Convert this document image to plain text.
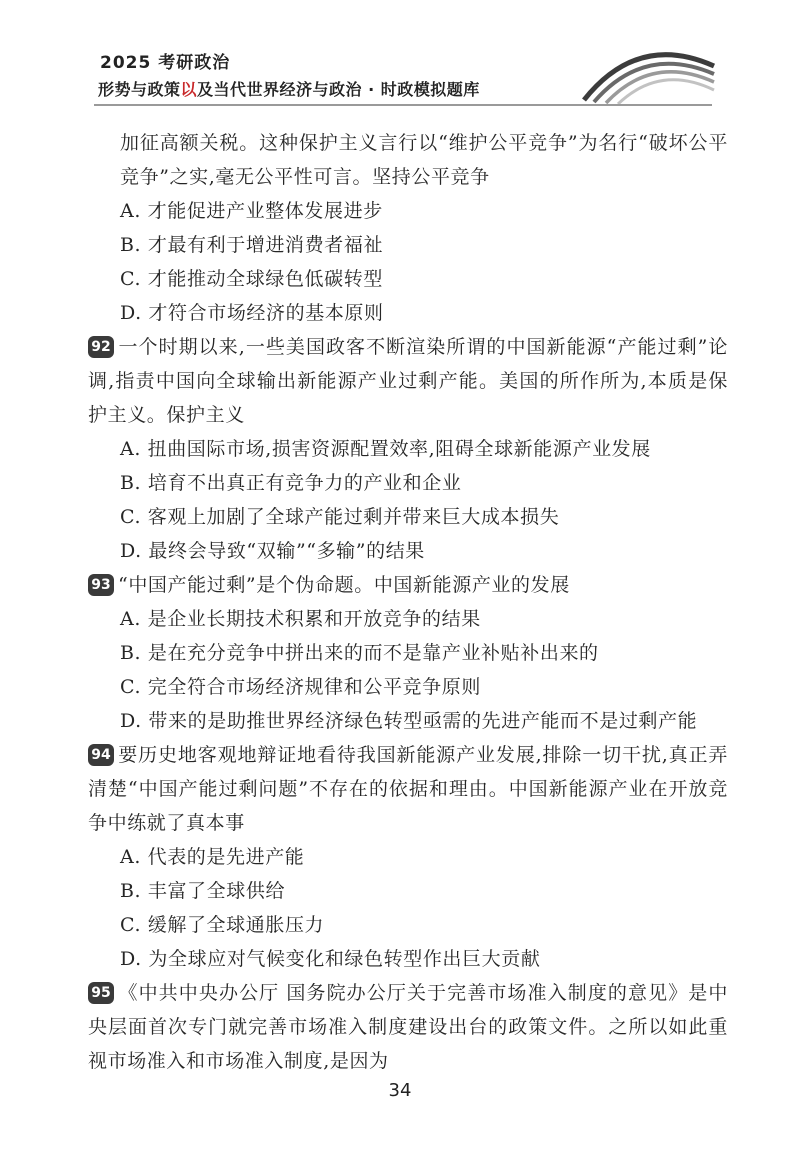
2025 考研政治
形势与政策以及当代世界经济与政治 · 时政模拟题库

加征高额关税。这种保护主义言行以“维护公平竞争”为名行“破坏公平竞争”之实,毫无公平性可言。坚持公平竞争

A. 才能促进产业整体发展进步

B. 才最有利于增进消费者福祉

C. 才能推动全球绿色低碳转型

D. 才符合市场经济的基本原则

92 一个时期以来,一些美国政客不断渲染所谓的中国新能源“产能过剩”论调,指责中国向全球输出新能源产业过剩产能。美国的所作所为,本质是保护主义。保护主义

A. 扭曲国际市场,损害资源配置效率,阻碍全球新能源产业发展

B. 培育不出真正有竞争力的产业和企业

C. 客观上加剧了全球产能过剩并带来巨大成本损失

D. 最终会导致“双输”“多输”的结果

93 “中国产能过剩”是个伪命题。中国新能源产业的发展

A. 是企业长期技术积累和开放竞争的结果

B. 是在充分竞争中拼出来的而不是靠产业补贴补出来的

C. 完全符合市场经济规律和公平竞争原则

D. 带来的是助推世界经济绿色转型亟需的先进产能而不是过剩产能

94 要历史地客观地辩证地看待我国新能源产业发展,排除一切干扰,真正弄清楚“中国产能过剩问题”不存在的依据和理由。中国新能源产业在开放竞争中练就了真本事

A. 代表的是先进产能

B. 丰富了全球供给

C. 缓解了全球通胀压力

D. 为全球应对气候变化和绿色转型作出巨大贡献

95 《中共中央办公厅 国务院办公厅关于完善市场准入制度的意见》是中央层面首次专门就完善市场准入制度建设出台的政策文件。之所以如此重视市场准入和市场准入制度,是因为

34
